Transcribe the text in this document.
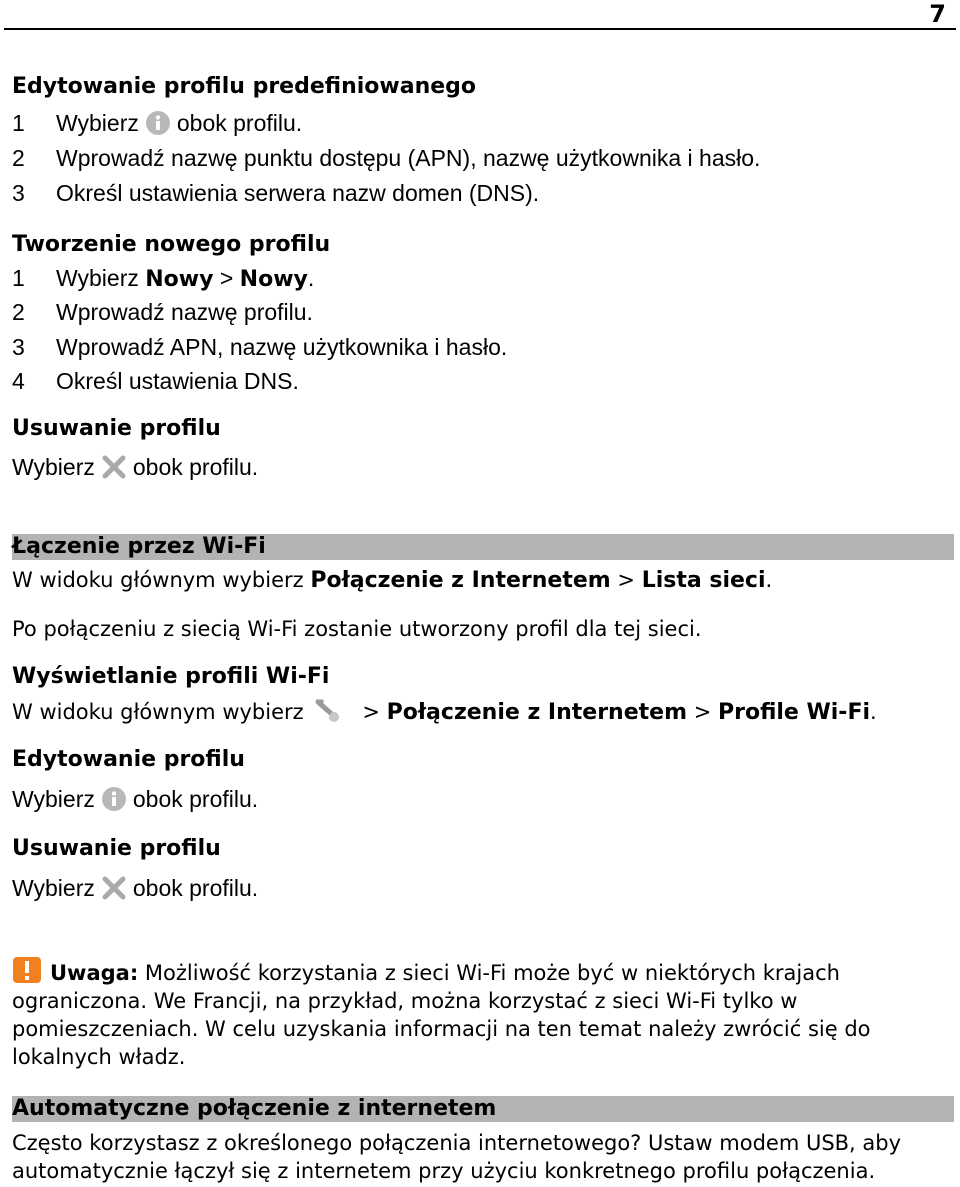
7
Edytowanie profilu predefiniowanego
1 Wybierz obok profilu.
2 Wprowadź nazwę punktu dostępu (APN), nazwę użytkownika i hasło.
3 Określ ustawienia serwera nazw domen (DNS).
Tworzenie nowego profilu
1 Wybierz Nowy > Nowy.
2 Wprowadź nazwę profilu.
3 Wprowadź APN, nazwę użytkownika i hasło.
4 Określ ustawienia DNS.
Usuwanie profilu
Wybierz obok profilu.
Łączenie przez Wi-Fi
W widoku głównym wybierz Połączenie z Internetem > Lista sieci.
Po połączeniu z siecią Wi-Fi zostanie utworzony profil dla tej sieci.
Wyświetlanie profili Wi-Fi
W widoku głównym wybierz	> Połączenie z Internetem > Profile Wi-Fi.
Edytowanie profilu
Wybierz obok profilu.
Usuwanie profilu
Wybierz obok profilu.
Uwaga: Możliwość korzystania z sieci Wi-Fi może być w niektórych krajach ograniczona. We Francji, na przykład, można korzystać z sieci Wi-Fi tylko w pomieszczeniach. W celu uzyskania informacji na ten temat należy zwrócić się do lokalnych władz.
Automatyczne połączenie z internetem
Często korzystasz z określonego połączenia internetowego? Ustaw modem USB, aby automatycznie łączył się z internetem przy użyciu konkretnego profilu połączenia.
